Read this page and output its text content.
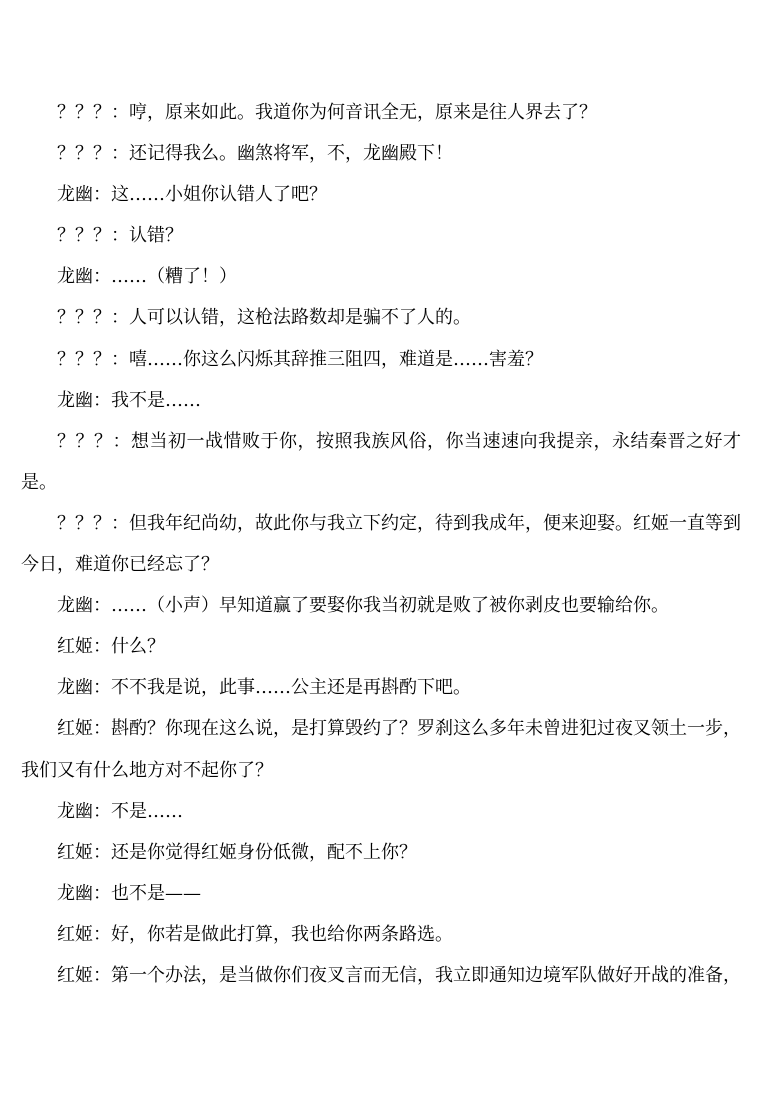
？？？：哼，原来如此。我道你为何音讯全无，原来是往人界去了？
？？？：还记得我么。幽煞将军，不，龙幽殿下！
龙幽：这……小姐你认错人了吧？
？？？：认错？
龙幽：……（糟了！）
？？？：人可以认错，这枪法路数却是骗不了人的。
？？？：嘻……你这么闪烁其辞推三阻四，难道是……害羞？
龙幽：我不是……
？？？：想当初一战惜败于你，按照我族风俗，你当速速向我提亲，永结秦晋之好才
是。
？？？：但我年纪尚幼，故此你与我立下约定，待到我成年，便来迎娶。红姬一直等到
今日，难道你已经忘了？
龙幽：……（小声）早知道赢了要娶你我当初就是败了被你剥皮也要输给你。
红姬：什么？
龙幽：不不我是说，此事……公主还是再斟酌下吧。
红姬：斟酌？你现在这么说，是打算毁约了？罗刹这么多年未曾进犯过夜叉领土一步，
我们又有什么地方对不起你了？
龙幽：不是……
红姬：还是你觉得红姬身份低微，配不上你？
龙幽：也不是——
红姬：好，你若是做此打算，我也给你两条路选。
红姬：第一个办法，是当做你们夜叉言而无信，我立即通知边境军队做好开战的准备，
